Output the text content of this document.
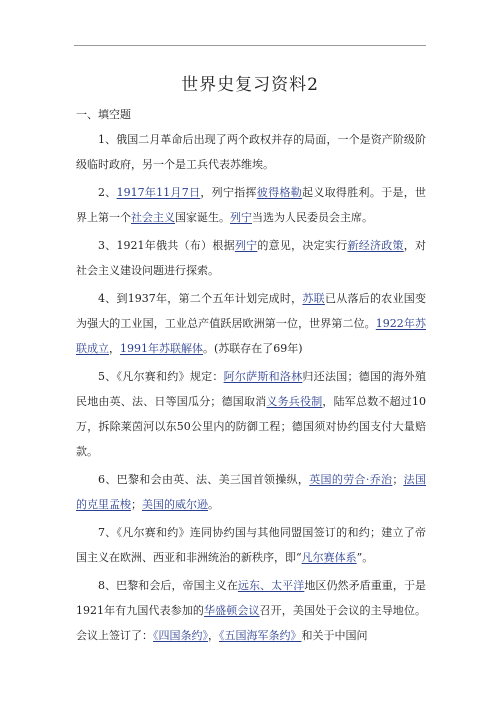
世界史复习资料2

一、填空题

1、俄国二月革命后出现了两个政权并存的局面，一个是资产阶级阶级临时政府，另一个是工兵代表苏维埃。

2、1917年11月7日，列宁指挥彼得格勒起义取得胜利。于是，世界上第一个社会主义国家诞生。列宁当选为人民委员会主席。

3、1921年俄共（布）根据列宁的意见，决定实行新经济政策，对社会主义建设问题进行探索。

4、到1937年，第二个五年计划完成时，苏联已从落后的农业国变为强大的工业国，工业总产值跃居欧洲第一位，世界第二位。1922年苏联成立，1991年苏联解体。(苏联存在了69年)

5、《凡尔赛和约》规定：阿尔萨斯和洛林归还法国；德国的海外殖民地由英、法、日等国瓜分；德国取消义务兵役制，陆军总数不超过10万，拆除莱茵河以东50公里内的防御工程；德国须对协约国支付大量赔款。

6、巴黎和会由英、法、美三国首领操纵，英国的劳合·乔治；法国的克里孟梭；美国的威尔逊。

7、《凡尔赛和约》连同协约国与其他同盟国签订的和约；建立了帝国主义在欧洲、西亚和非洲统治的新秩序，即“凡尔赛体系”。

8、巴黎和会后，帝国主义在远东、太平洋地区仍然矛盾重重，于是1921年有九国代表参加的华盛顿会议召开，美国处于会议的主导地位。会议上签订了：《四国条约》，《五国海军条约》和关于中国问
